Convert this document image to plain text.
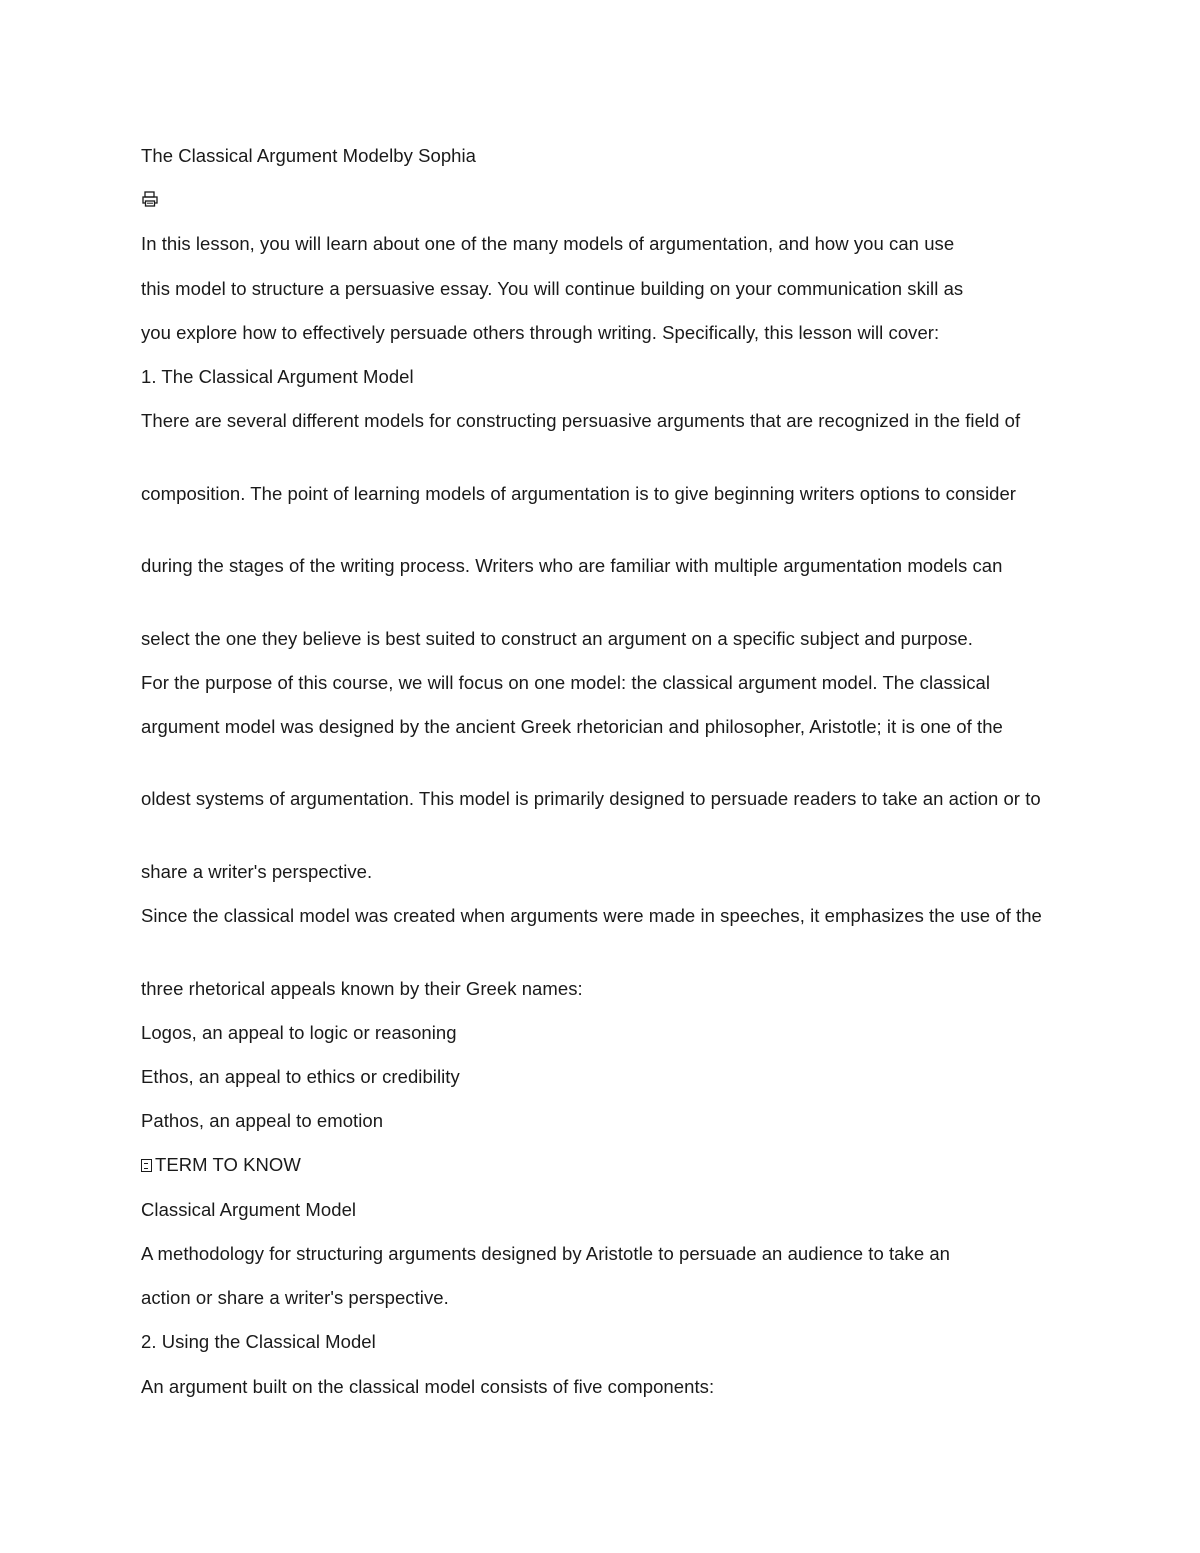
The Classical Argument Modelby Sophia
In this lesson, you will learn about one of the many models of argumentation, and how you can use
this model to structure a persuasive essay. You will continue building on your communication skill as
you explore how to effectively persuade others through writing. Specifically, this lesson will cover:
1. The Classical Argument Model
There are several different models for constructing persuasive arguments that are recognized in the field of
composition. The point of learning models of argumentation is to give beginning writers options to consider
during the stages of the writing process. Writers who are familiar with multiple argumentation models can
select the one they believe is best suited to construct an argument on a specific subject and purpose.
For the purpose of this course, we will focus on one model: the classical argument model. The classical
argument model was designed by the ancient Greek rhetorician and philosopher, Aristotle; it is one of the
oldest systems of argumentation. This model is primarily designed to persuade readers to take an action or to
share a writer's perspective.
Since the classical model was created when arguments were made in speeches, it emphasizes the use of the
three rhetorical appeals known by their Greek names:
Logos, an appeal to logic or reasoning
Ethos, an appeal to ethics or credibility
Pathos, an appeal to emotion
TERM TO KNOW
Classical Argument Model
A methodology for structuring arguments designed by Aristotle to persuade an audience to take an
action or share a writer's perspective.
2. Using the Classical Model
An argument built on the classical model consists of five components:
